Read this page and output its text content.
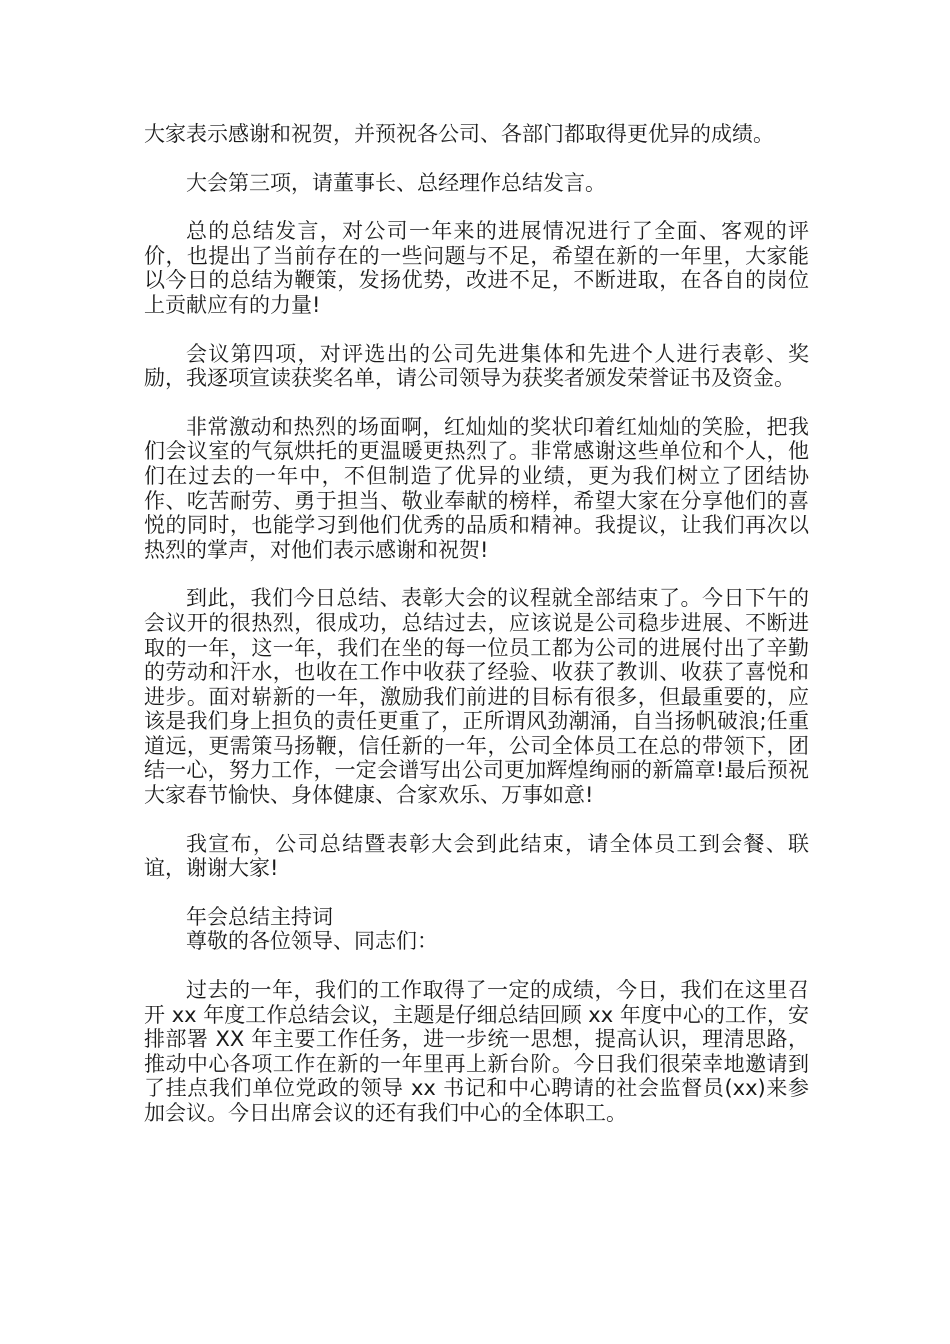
大家表示感谢和祝贺，并预祝各公司、各部门都取得更优异的成绩。

大会第三项，请董事长、总经理作总结发言。

总的总结发言，对公司一年来的进展情况进行了全面、客观的评价，也提出了当前存在的一些问题与不足，希望在新的一年里，大家能以今日的总结为鞭策，发扬优势，改进不足，不断进取，在各自的岗位上贡献应有的力量!

会议第四项，对评选出的公司先进集体和先进个人进行表彰、奖励，我逐项宣读获奖名单，请公司领导为获奖者颁发荣誉证书及资金。

非常激动和热烈的场面啊，红灿灿的奖状印着红灿灿的笑脸，把我们会议室的气氛烘托的更温暖更热烈了。非常感谢这些单位和个人，他们在过去的一年中，不但制造了优异的业绩，更为我们树立了团结协作、吃苦耐劳、勇于担当、敬业奉献的榜样，希望大家在分享他们的喜悦的同时，也能学习到他们优秀的品质和精神。我提议，让我们再次以热烈的掌声，对他们表示感谢和祝贺!

到此，我们今日总结、表彰大会的议程就全部结束了。今日下午的会议开的很热烈，很成功，总结过去，应该说是公司稳步进展、不断进取的一年，这一年，我们在坐的每一位员工都为公司的进展付出了辛勤的劳动和汗水，也收在工作中收获了经验、收获了教训、收获了喜悦和进步。面对崭新的一年，激励我们前进的目标有很多，但最重要的，应该是我们身上担负的责任更重了，正所谓风劲潮涌，自当扬帆破浪;任重道远，更需策马扬鞭，信任新的一年，公司全体员工在总的带领下，团结一心，努力工作，一定会谱写出公司更加辉煌绚丽的新篇章!最后预祝大家春节愉快、身体健康、合家欢乐、万事如意!

我宣布，公司总结暨表彰大会到此结束，请全体员工到会餐、联谊，谢谢大家!

年会总结主持词

尊敬的各位领导、同志们：

过去的一年，我们的工作取得了一定的成绩，今日，我们在这里召开 xx 年度工作总结会议，主题是仔细总结回顾 xx 年度中心的工作，安排部署 XX 年主要工作任务，进一步统一思想，提高认识，理清思路，推动中心各项工作在新的一年里再上新台阶。今日我们很荣幸地邀请到了挂点我们单位党政的领导 xx 书记和中心聘请的社会监督员(xx)来参加会议。今日出席会议的还有我们中心的全体职工。
